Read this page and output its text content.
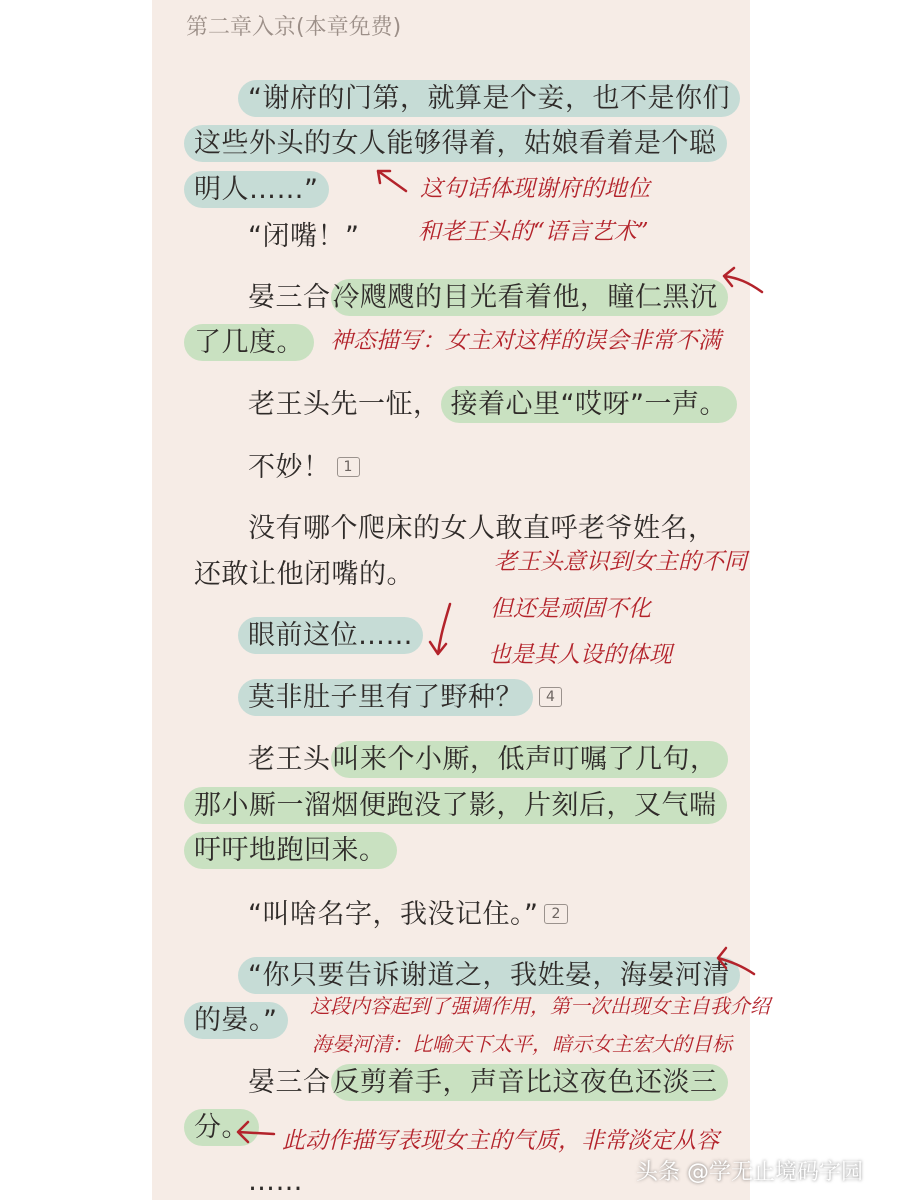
第二章入京(本章免费)
“谢府的门第，就算是个妾，也不是你们
这些外头的女人能够得着，姑娘看着是个聪
明人……”
“闭嘴！”
晏三合冷飕飕的目光看着他，瞳仁黑沉
了几度。
老王头先一怔， 接着心里“哎呀”一声。
不妙！ 1
没有哪个爬床的女人敢直呼老爷姓名，
还敢让他闭嘴的。
眼前这位……
莫非肚子里有了野种？ 4
老王头叫来个小厮，低声叮嘱了几句，
那小厮一溜烟便跑没了影，片刻后，又气喘
吁吁地跑回来。
“叫啥名字，我没记住。” 2
“你只要告诉谢道之，我姓晏，海晏河清
的晏。”
晏三合反剪着手，声音比这夜色还淡三
分。
……
这句话体现谢府的地位
和老王头的“语言艺术”
神态描写：女主对这样的误会非常不满
老王头意识到女主的不同
但还是顽固不化
也是其人设的体现
这段内容起到了强调作用，第一次出现女主自我介绍
海晏河清：比喻天下太平，暗示女主宏大的目标
此动作描写表现女主的气质，非常淡定从容
头条 @学无止境码字园
